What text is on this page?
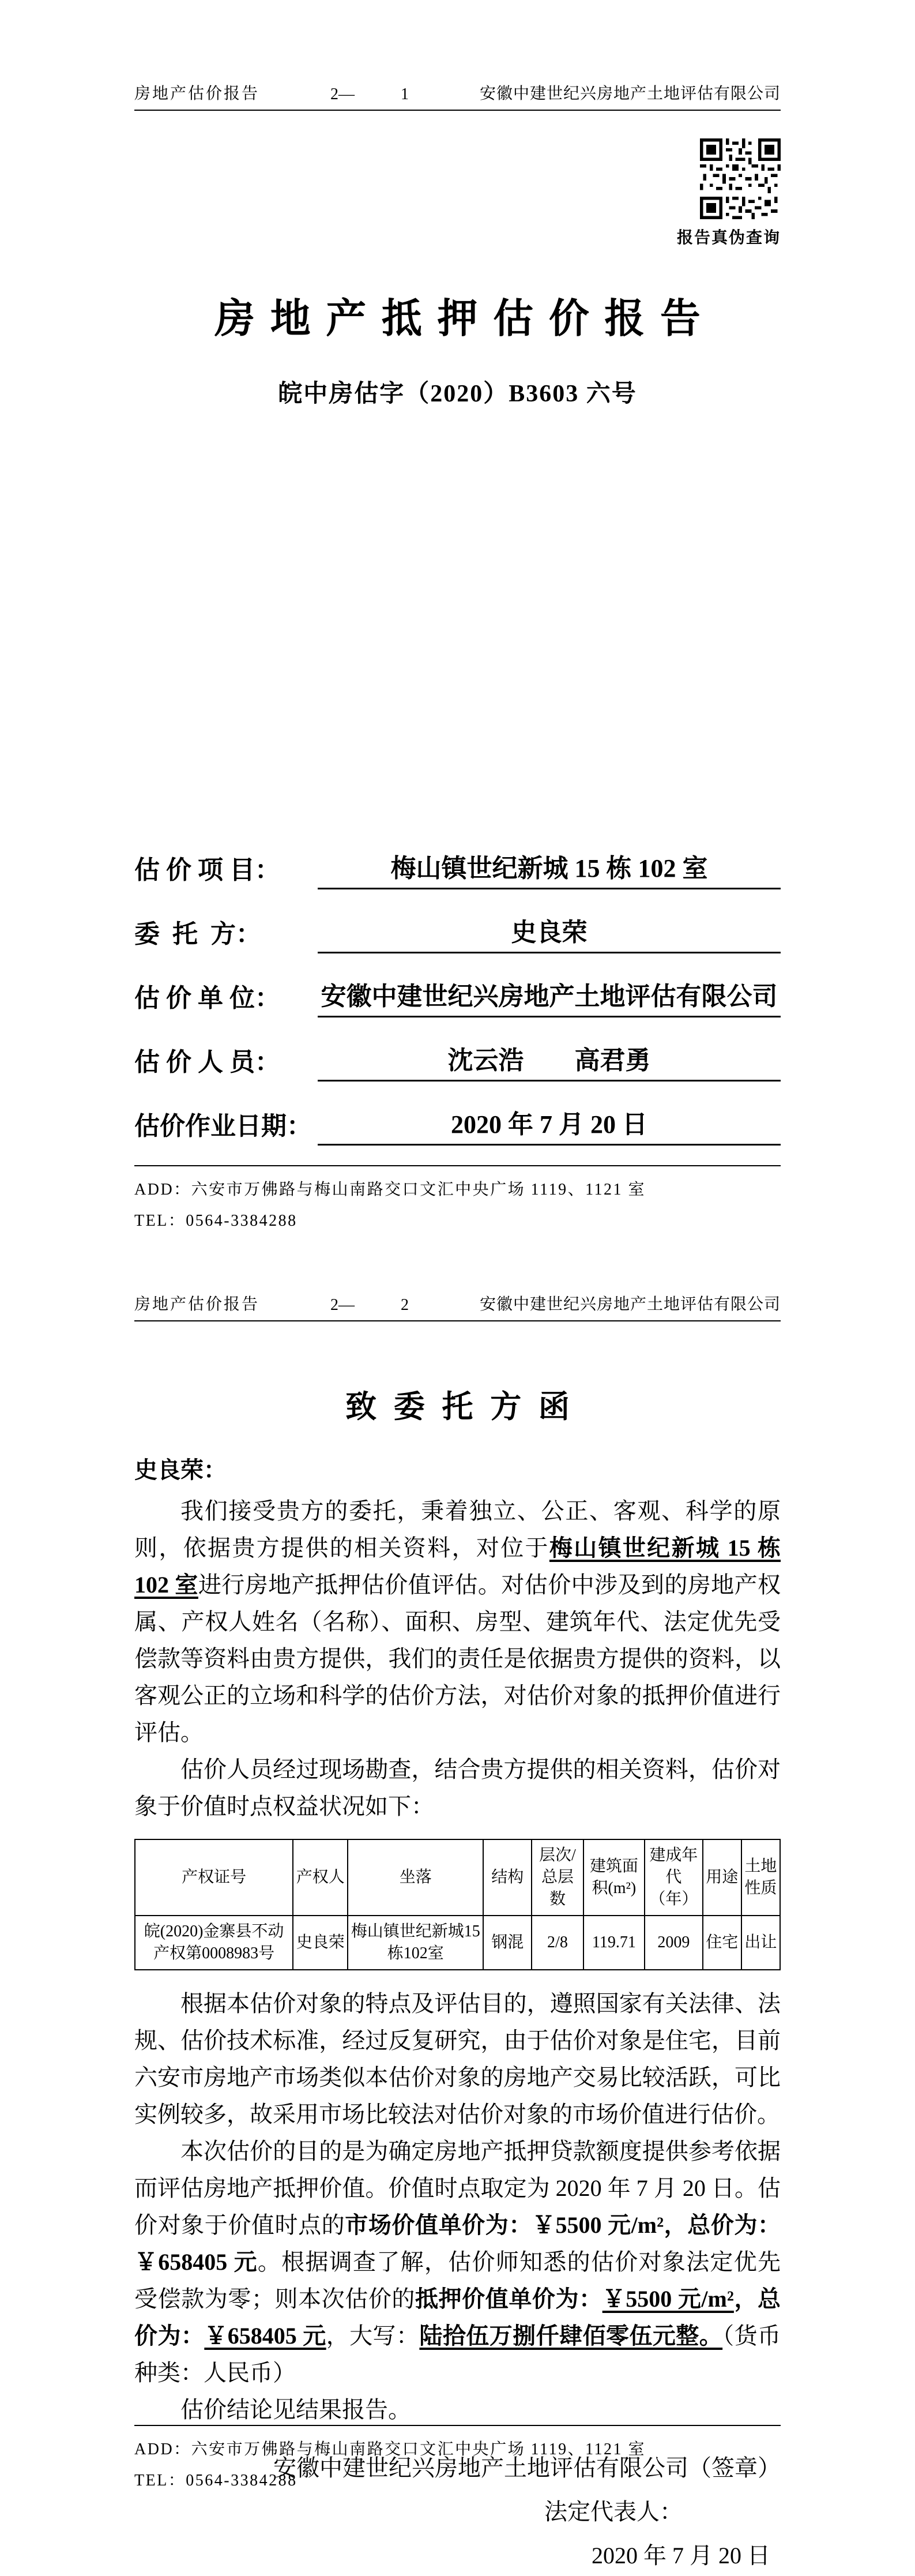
房地产估价报告	2—	1	安徽中建世纪兴房地产土地评估有限公司
报告真伪查询
房地产抵押估价报告
皖中房估字（2020）B3603 六号
估 价 项 目：	梅山镇世纪新城 15 栋 102 室
委  托  方：	史良荣
估 价 单 位：	安徽中建世纪兴房地产土地评估有限公司
估 价 人 员：	沈云浩　　高君勇
估价作业日期：	2020 年 7 月 20 日
ADD：六安市万佛路与梅山南路交口文汇中央广场 1119、1121 室
TEL：0564-3384288
房地产估价报告	2—	2	安徽中建世纪兴房地产土地评估有限公司
致委托方函

史良荣：

我们接受贵方的委托，秉着独立、公正、客观、科学的原则，依据贵方提供的相关资料，对位于梅山镇世纪新城 15 栋 102 室进行房地产抵押估价值评估。对估价中涉及到的房地产权属、产权人姓名（名称）、面积、房型、建筑年代、法定优先受偿款等资料由贵方提供，我们的责任是依据贵方提供的资料，以客观公正的立场和科学的估价方法，对估价对象的抵押价值进行评估。

估价人员经过现场勘查，结合贵方提供的相关资料，估价对象于价值时点权益状况如下：

产权证号	产权人	坐落	结构	层次/总层数	建筑面积(m²)	建成年代（年）	用途	土地性质
皖(2020)金寨县不动产权第0008983号	史良荣	梅山镇世纪新城15栋102室	钢混	2/8	119.71	2009	住宅	出让

根据本估价对象的特点及评估目的，遵照国家有关法律、法规、估价技术标准，经过反复研究，由于估价对象是住宅，目前六安市房地产市场类似本估价对象的房地产交易比较活跃，可比实例较多，故采用市场比较法对估价对象的市场价值进行估价。

本次估价的目的是为确定房地产抵押贷款额度提供参考依据而评估房地产抵押价值。价值时点取定为 2020 年 7 月 20 日。估价对象于价值时点的市场价值单价为：￥5500 元/m²，总价为：￥658405 元。根据调查了解，估价师知悉的估价对象法定优先受偿款为零；则本次估价的抵押价值单价为：￥5500 元/m²，总价为：￥658405 元，大写：陆拾伍万捌仟肆佰零伍元整。（货币种类：人民币）

估价结论见结果报告。

安徽中建世纪兴房地产土地评估有限公司（签章）

法定代表人：

2020 年 7 月 20 日

ADD：六安市万佛路与梅山南路交口文汇中央广场 1119、1121 室
TEL：0564-3384288
